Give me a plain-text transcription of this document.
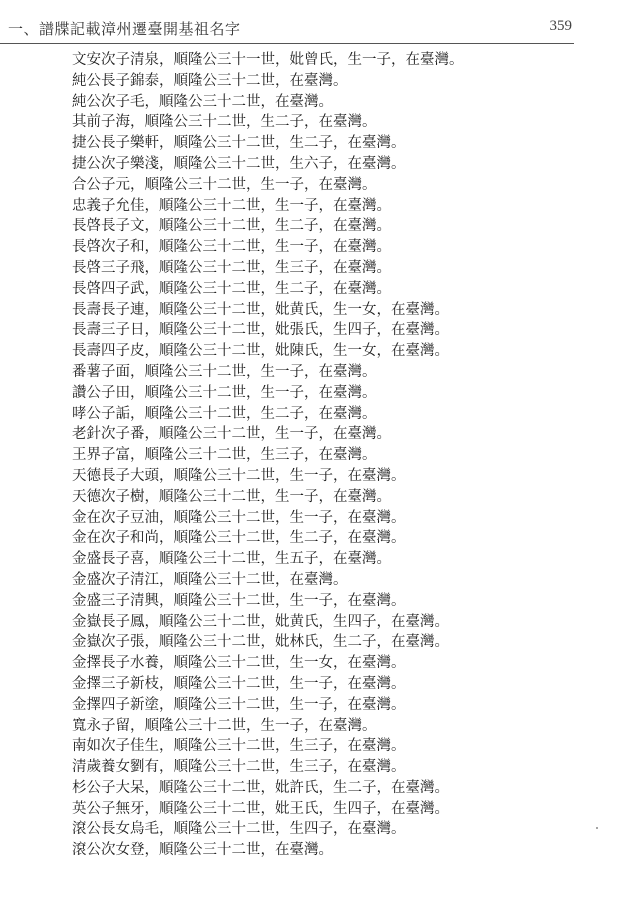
一、譜牒記載漳州遷臺開基祖名字	359
文安次子清泉，順隆公三十一世，妣曾氏，生一子，在臺灣。
純公長子錦泰，順隆公三十二世，在臺灣。
純公次子毛，順隆公三十二世，在臺灣。
其前子海，順隆公三十二世，生二子，在臺灣。
捷公長子樂軒，順隆公三十二世，生二子，在臺灣。
捷公次子樂淺，順隆公三十二世，生六子，在臺灣。
合公子元，順隆公三十二世，生一子，在臺灣。
忠義子允佳，順隆公三十二世，生一子，在臺灣。
長啓長子文，順隆公三十二世，生二子，在臺灣。
長啓次子和，順隆公三十二世，生一子，在臺灣。
長啓三子飛，順隆公三十二世，生三子，在臺灣。
長啓四子武，順隆公三十二世，生二子，在臺灣。
長壽長子連，順隆公三十二世，妣黄氏，生一女，在臺灣。
長壽三子日，順隆公三十二世，妣張氏，生四子，在臺灣。
長壽四子皮，順隆公三十二世，妣陳氏，生一女，在臺灣。
番薯子面，順隆公三十二世，生一子，在臺灣。
讚公子田，順隆公三十二世，生一子，在臺灣。
哮公子詬，順隆公三十二世，生二子，在臺灣。
老針次子番，順隆公三十二世，生一子，在臺灣。
王界子富，順隆公三十二世，生三子，在臺灣。
天德長子大頭，順隆公三十二世，生一子，在臺灣。
天德次子樹，順隆公三十二世，生一子，在臺灣。
金在次子豆油，順隆公三十二世，生一子，在臺灣。
金在次子和尚，順隆公三十二世，生二子，在臺灣。
金盛長子喜，順隆公三十二世，生五子，在臺灣。
金盛次子清江，順隆公三十二世，在臺灣。
金盛三子清興，順隆公三十二世，生一子，在臺灣。
金嶽長子鳳，順隆公三十二世，妣黄氏，生四子，在臺灣。
金嶽次子張，順隆公三十二世，妣林氏，生二子，在臺灣。
金擇長子水養，順隆公三十二世，生一女，在臺灣。
金擇三子新枝，順隆公三十二世，生一子，在臺灣。
金擇四子新塗，順隆公三十二世，生一子，在臺灣。
寬永子留，順隆公三十二世，生一子，在臺灣。
南如次子佳生，順隆公三十二世，生三子，在臺灣。
清歲養女劉有，順隆公三十二世，生三子，在臺灣。
杉公子大呆，順隆公三十二世，妣許氏，生二子，在臺灣。
英公子無牙，順隆公三十二世，妣王氏，生四子，在臺灣。
滾公長女烏毛，順隆公三十二世，生四子，在臺灣。
滾公次女登，順隆公三十二世，在臺灣。
